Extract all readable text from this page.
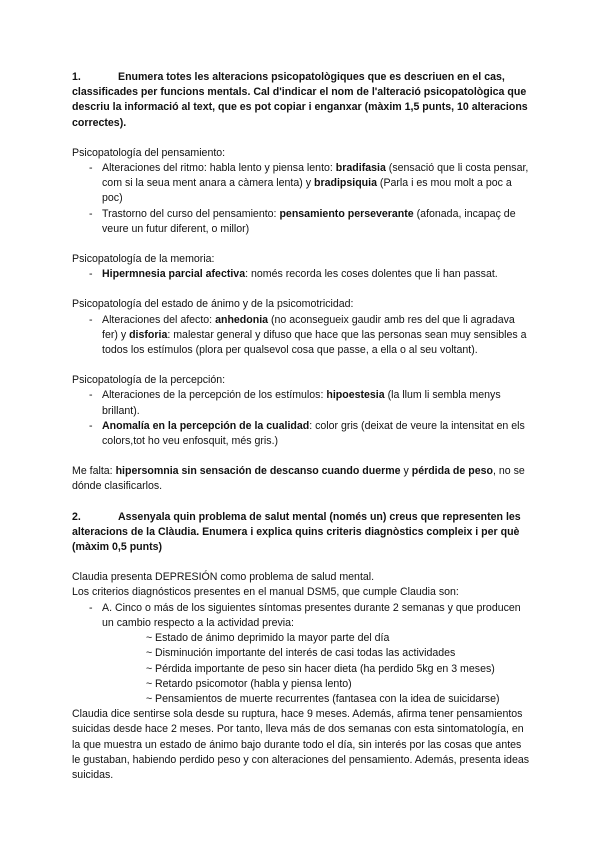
1.	Enumera totes les alteracions psicopatològiques que es descriuen en el cas, classificades per funcions mentals. Cal d'indicar el nom de l'alteració psicopatològica que descriu la informació al text, que es pot copiar i enganxar (màxim 1,5 punts, 10 alteracions correctes).

Psicopatología del pensamiento:

- Alteraciones del ritmo: habla lento y piensa lento: bradifasia (sensació que li costa pensar, com si la seua ment anara a càmera lenta) y bradipsiquia (Parla i es mou molt a poc a poc)
- Trastorno del curso del pensamiento: pensamiento perseverante (afonada, incapaç de veure un futur diferent, o millor)

Psicopatología de la memoria:

- Hipermnesia parcial afectiva: només recorda les coses dolentes que li han passat.

Psicopatología del estado de ánimo y de la psicomotricidad:

- Alteraciones del afecto: anhedonia (no aconsegueix gaudir amb res del que li agradava fer) y disforia: malestar general y difuso que hace que las personas sean muy sensibles a todos los estímulos (plora per qualsevol cosa que passe, a ella o al seu voltant).

Psicopatología de la percepción:

- Alteraciones de la percepción de los estímulos: hipoestesia (la llum li sembla menys brillant).
- Anomalía en la percepción de la cualidad: color gris (deixat de veure la intensitat en els colors,tot ho veu enfosquit, més gris.)

Me falta: hipersomnia sin sensación de descanso cuando duerme y pérdida de peso, no se dónde clasificarlos.

2.	Assenyala quin problema de salut mental (només un) creus que representen les alteracions de la Clàudia. Enumera i explica quins criteris diagnòstics compleix i per què (màxim 0,5 punts)

Claudia presenta DEPRESIÓN como problema de salud mental.

Los criterios diagnósticos presentes en el manual DSM5, que cumple Claudia son:

- A. Cinco o más de los siguientes síntomas presentes durante 2 semanas y que producen un cambio respecto a la actividad previa:
~ Estado de ánimo deprimido la mayor parte del día
~ Disminución importante del interés de casi todas las actividades
~ Pérdida importante de peso sin hacer dieta (ha perdido 5kg en 3 meses)
~ Retardo psicomotor (habla y piensa lento)
~ Pensamientos de muerte recurrentes (fantasea con la idea de suicidarse)

Claudia dice sentirse sola desde su ruptura, hace 9 meses. Además, afirma tener pensamientos suicidas desde hace 2 meses. Por tanto, lleva más de dos semanas con esta sintomatología, en la que muestra un estado de ánimo bajo durante todo el día, sin interés por las cosas que antes le gustaban, habiendo perdido peso y con alteraciones del pensamiento. Además, presenta ideas suicidas.
